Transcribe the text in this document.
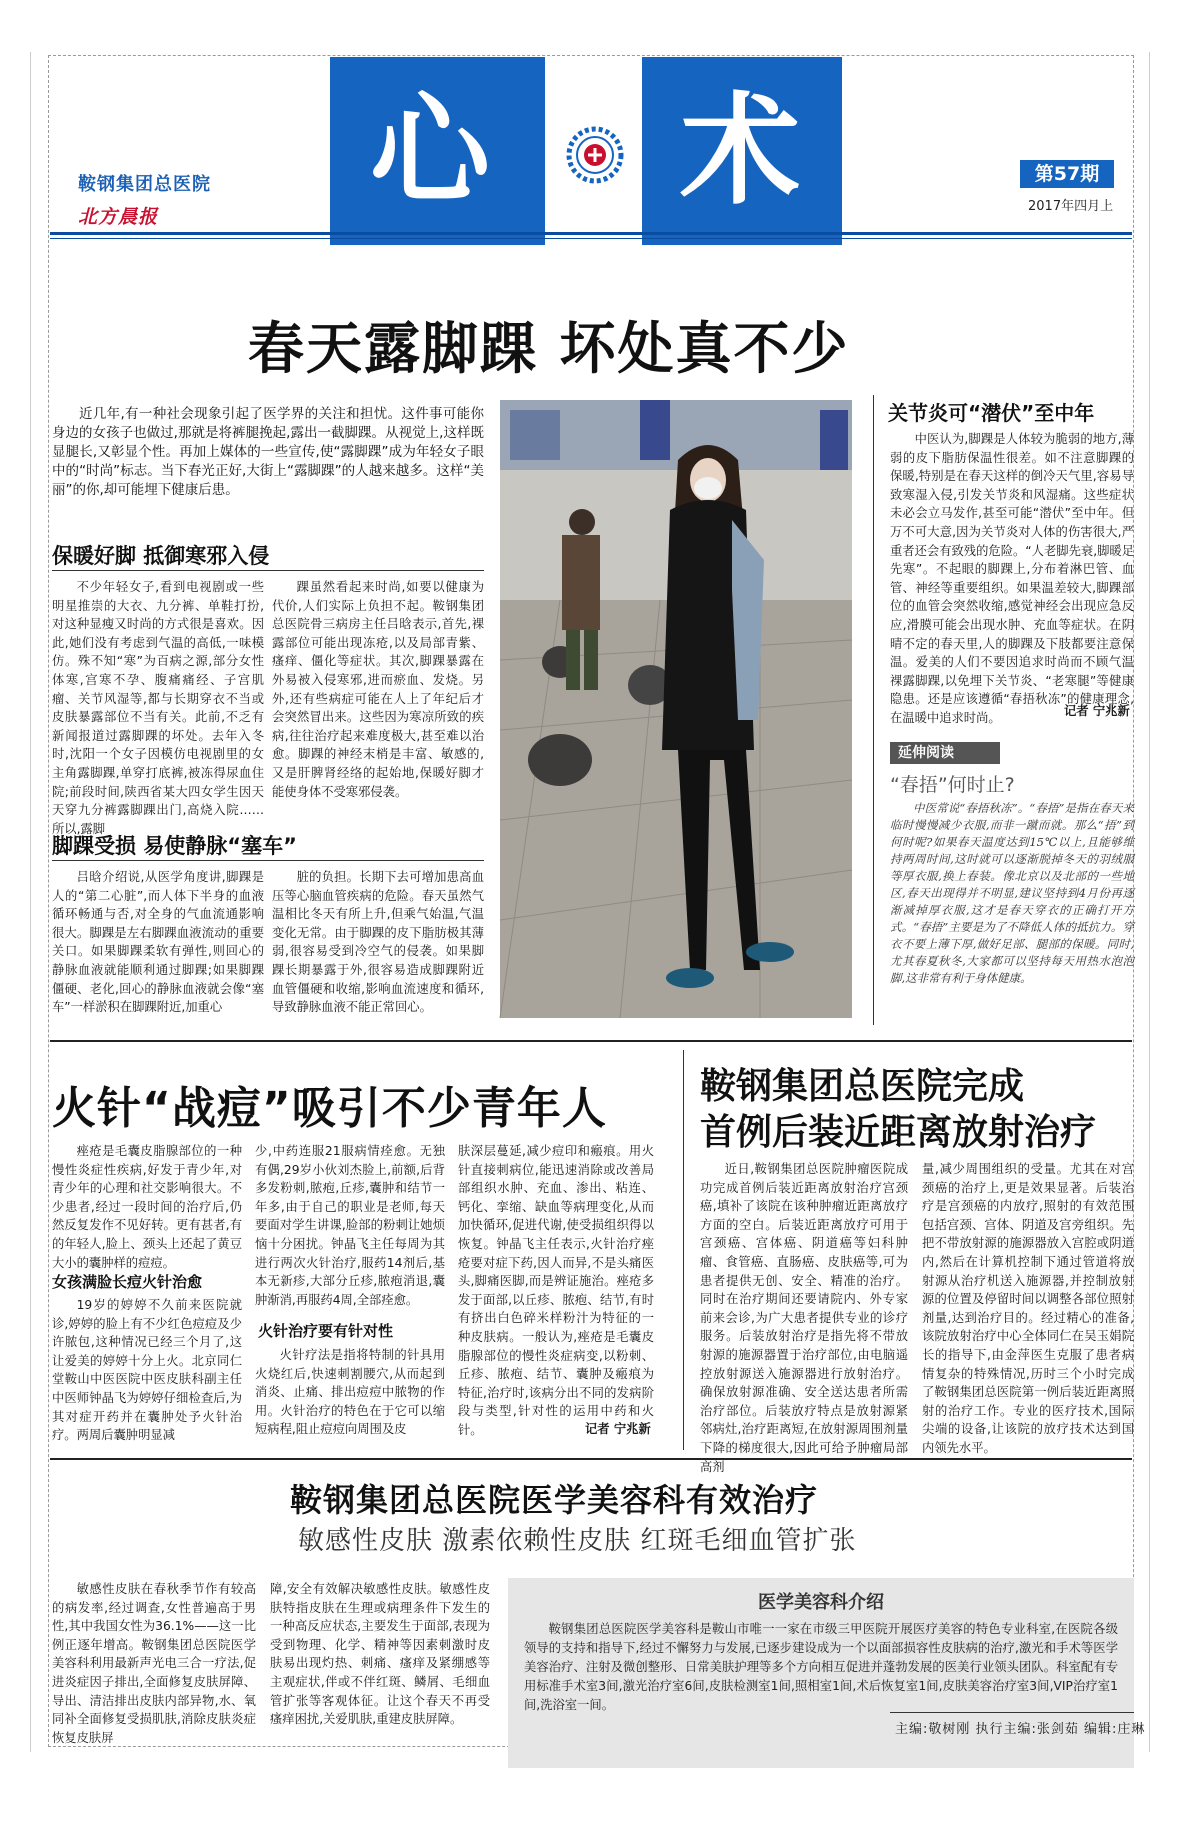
鞍钢集团总医院
北方晨报 心 术	第57期
2017年四月上
春天露脚踝 坏处真不少

近几年,有一种社会现象引起了医学界的关注和担忧。这件事可能你身边的女孩子也做过,那就是将裤腿挽起,露出一截脚踝。从视觉上,这样既显腿长,又彰显个性。再加上媒体的一些宣传,使“露脚踝”成为年轻女子眼中的“时尚”标志。当下春光正好,大街上“露脚踝”的人越来越多。这样“美丽”的你,却可能埋下健康后患。

保暖好脚 抵御寒邪入侵

不少年轻女子,看到电视剧或一些明星推崇的大衣、九分裤、单鞋打扮,对这种显瘦又时尚的方式很是喜欢。因此,她们没有考虑到气温的高低,一味模仿。殊不知“寒”为百病之源,部分女性体寒,宫寒不孕、腹痛痛经、子宫肌瘤、关节风湿等,都与长期穿衣不当或皮肤暴露部位不当有关。此前,不乏有新闻报道过露脚踝的坏处。去年入冬时,沈阳一个女子因模仿电视剧里的女主角露脚踝,单穿打底裤,被冻得尿血住院;前段时间,陕西省某大四女学生因天天穿九分裤露脚踝出门,高烧入院……所以,露脚

踝虽然看起来时尚,如要以健康为代价,人们实际上负担不起。鞍钢集团总医院骨三病房主任吕晗表示,首先,裸露部位可能出现冻疮,以及局部青紫、瘙痒、僵化等症状。其次,脚踝暴露在外易被入侵寒邪,进而瘀血、发烧。另外,还有些病症可能在人上了年纪后才会突然冒出来。这些因为寒凉所致的疾病,往往治疗起来难度极大,甚至难以治愈。脚踝的神经末梢是丰富、敏感的,又是肝脾肾经络的起始地,保暖好脚才能使身体不受寒邪侵袭。

脚踝受损 易使静脉“塞车”

吕晗介绍说,从医学角度讲,脚踝是人的“第二心脏”,而人体下半身的血液循环畅通与否,对全身的气血流通影响很大。脚踝是左右脚踝血液流动的重要关口。如果脚踝柔软有弹性,则回心的静脉血液就能顺利通过脚踝;如果脚踝僵硬、老化,回心的静脉血液就会像“塞车”一样淤积在脚踝附近,加重心

脏的负担。长期下去可增加患高血压等心脑血管疾病的危险。春天虽然气温相比冬天有所上升,但乘气始温,气温变化无常。由于脚踝的皮下脂肪极其薄弱,很容易受到冷空气的侵袭。如果脚踝长期暴露于外,很容易造成脚踝附近血管僵硬和收缩,影响血流速度和循环,导致静脉血液不能正常回心。

关节炎可“潜伏”至中年

中医认为,脚踝是人体较为脆弱的地方,薄弱的皮下脂肪保温性很差。如不注意脚踝的保暖,特别是在春天这样的倒冷天气里,容易导致寒湿入侵,引发关节炎和风湿痛。这些症状未必会立马发作,甚至可能“潜伏”至中年。但万不可大意,因为关节炎对人体的伤害很大,严重者还会有致残的危险。“人老脚先衰,脚暖足先寒”。不起眼的脚踝上,分布着淋巴管、血管、神经等重要组织。如果温差较大,脚踝部位的血管会突然收缩,感觉神经会出现应急反应,滑膜可能会出现水肿、充血等症状。在阴晴不定的春天里,人的脚踝及下肢都要注意保温。爱美的人们不要因追求时尚而不顾气温裸露脚踝,以免埋下关节炎、“老寒腿”等健康隐患。还是应该遵循“春捂秋冻”的健康理念,在温暖中追求时尚。	记者 宁兆新
延伸阅读
“春捂”何时止?

中医常说“春捂秋冻”。“春捂”是指在春天来临时慢慢减少衣服,而非一蹴而就。那么“捂”到何时呢?如果春天温度达到15℃以上,且能够维持两周时间,这时就可以逐渐脱掉冬天的羽绒服等厚衣服,换上春装。像北京以及北部的一些地区,春天出现得并不明显,建议坚持到4月份再逐渐减掉厚衣服,这才是春天穿衣的正确打开方式。“春捂”主要是为了不降低人体的抵抗力。穿衣不要上薄下厚,做好足部、腿部的保暖。同时,尤其春夏秋冬,大家都可以坚持每天用热水泡泡脚,这非常有利于身体健康。

火针“战痘”吸引不少青年人

痤疮是毛囊皮脂腺部位的一种慢性炎症性疾病,好发于青少年,对青少年的心理和社交影响很大。不少患者,经过一段时间的治疗后,仍然反复发作不见好转。更有甚者,有的年轻人,脸上、颈头上还起了黄豆大小的囊肿样的痘痘。

女孩满脸长痘火针治愈

19岁的婷婷不久前来医院就诊,婷婷的脸上有不少红色痘痘及少许脓包,这种情况已经三个月了,这让爱美的婷婷十分上火。北京同仁堂鞍山中医医院中医皮肤科副主任中医师钟晶飞为婷婷仔细检查后,为其对症开药并在囊肿处予火针治疗。两周后囊肿明显减

少,中药连服21服病情痊愈。无独有偶,29岁小伙刘杰脸上,前额,后背多发粉刺,脓疱,丘疹,囊肿和结节一年多,由于自己的职业是老师,每天要面对学生讲课,脸部的粉刺让她烦恼十分困扰。钟晶飞主任每周为其进行两次火针治疗,服药14剂后,基本无新疹,大部分丘疹,脓疱消退,囊肿渐消,再服药4周,全部痊愈。

火针治疗要有针对性

火针疗法是指将特制的针具用火烧红后,快速刺割腰穴,从而起到消炎、止痛、排出痘痘中脓物的作用。火针治疗的特色在于它可以缩短病程,阻止痘痘向周围及皮

肤深层蔓延,减少痘印和瘢痕。用火针直接刺病位,能迅速消除或改善局部组织水肿、充血、渗出、粘连、钙化、挛缩、缺血等病理变化,从而加快循环,促进代谢,使受损组织得以恢复。钟晶飞主任表示,火针治疗痤疮要对症下药,因人而异,不是头痛医头,脚痛医脚,而是辨证施治。痤疮多发于面部,以丘疹、脓疱、结节,有时有挤出白色碎米样粉汁为特征的一种皮肤病。一般认为,痤疮是毛囊皮脂腺部位的慢性炎症病变,以粉刺、丘疹、脓疱、结节、囊肿及瘢痕为特征,治疗时,该病分出不同的发病阶段与类型,针对性的运用中药和火针。	记者 宁兆新
鞍钢集团总医院完成
首例后装近距离放射治疗

近日,鞍钢集团总医院肿瘤医院成功完成首例后装近距离放射治疗宫颈癌,填补了该院在该种肿瘤近距离放疗方面的空白。后装近距离放疗可用于宫颈癌、宫体癌、阴道癌等妇科肿瘤、食管癌、直肠癌、皮肤癌等,可为患者提供无创、安全、精准的治疗。同时在治疗期间还要请院内、外专家前来会诊,为广大患者提供专业的诊疗服务。后装放射治疗是指先将不带放射源的施源器置于治疗部位,由电脑遥控放射源送入施源器进行放射治疗。确保放射源准确、安全送达患者所需治疗部位。后装放疗特点是放射源紧邻病灶,治疗距离短,在放射源周围剂量下降的梯度很大,因此可给予肿瘤局部高剂

量,减少周围组织的受量。尤其在对宫颈癌的治疗上,更是效果显著。后装治疗是宫颈癌的内放疗,照射的有效范围包括宫颈、宫体、阴道及宫旁组织。先把不带放射源的施源器放入宫腔或阴道内,然后在计算机控制下通过管道将放射源从治疗机送入施源器,并控制放射源的位置及停留时间以调整各部位照射剂量,达到治疗目的。经过精心的准备,该院放射治疗中心全体同仁在吴玉娟院长的指导下,由金萍医生克服了患者病情复杂的特殊情况,历时三个小时完成了鞍钢集团总医院第一例后装近距离照射的治疗工作。专业的医疗技术,国际尖端的设备,让该院的放疗技术达到国内领先水平。

鞍钢集团总医院医学美容科有效治疗
敏感性皮肤 激素依赖性皮肤 红斑毛细血管扩张

敏感性皮肤在春秋季节作有较高的病发率,经过调查,女性普遍高于男性,其中我国女性为36.1%——这一比例正逐年增高。鞍钢集团总医院医学美容科利用最新声光电三合一疗法,促进炎症因子排出,全面修复皮肤屏障、导出、清洁排出皮肤内部异物,水、氧同补全面修复受损肌肤,消除皮肤炎症恢复皮肤屏

障,安全有效解决敏感性皮肤。敏感性皮肤特指皮肤在生理或病理条件下发生的一种高反应状态,主要发生于面部,表现为受到物理、化学、精神等因素刺激时皮肤易出现灼热、刺痛、瘙痒及紧绷感等主观症状,伴或不伴红斑、鳞屑、毛细血管扩张等客观体征。让这个春天不再受瘙痒困扰,关爱肌肤,重建皮肤屏障。

医学美容科介绍

鞍钢集团总医院医学美容科是鞍山市唯一一家在市级三甲医院开展医疗美容的特色专业科室,在医院各级领导的支持和指导下,经过不懈努力与发展,已逐步建设成为一个以面部损容性皮肤病的治疗,激光和手术等医学美容治疗、注射及微创整形、日常美肤护理等多个方向相互促进并蓬勃发展的医美行业领头团队。科室配有专用标准手术室3间,激光治疗室6间,皮肤检测室1间,照相室1间,术后恢复室1间,皮肤美容治疗室3间,VIP治疗室1间,洗浴室一间。

主编:敬树刚 执行主编:张剑茹 编辑:庄琳
